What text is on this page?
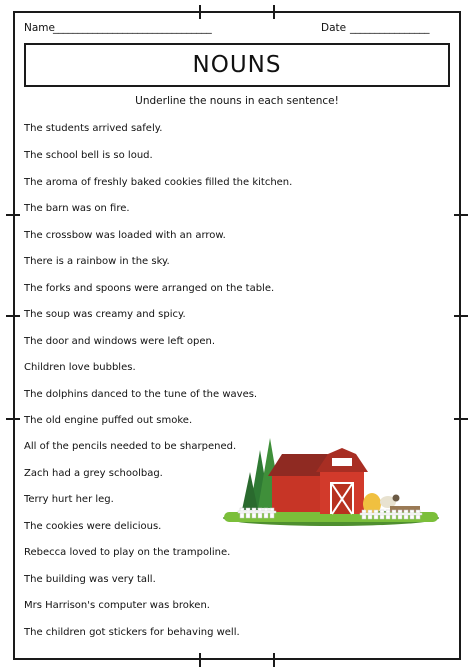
Name
________________________________	Date ________________
NOUNS
Underline the nouns in each sentence!
The students arrived safely.
The school bell is so loud.
The aroma of freshly baked cookies filled the kitchen.
The barn was on fire.
The crossbow was loaded with an arrow.
There is a rainbow in the sky.
The forks and spoons were arranged on the table.
The soup was creamy and spicy.
The door and windows were left open.
Children love bubbles.
The dolphins danced to the tune of the waves.
The old engine puffed out smoke.
All of the pencils needed to be sharpened.
Zach had a grey schoolbag.
Terry hurt her leg.
The cookies were delicious.
Rebecca loved to play on the trampoline.
The building was very tall.
Mrs Harrison's computer was broken.
The children got stickers for behaving well.
